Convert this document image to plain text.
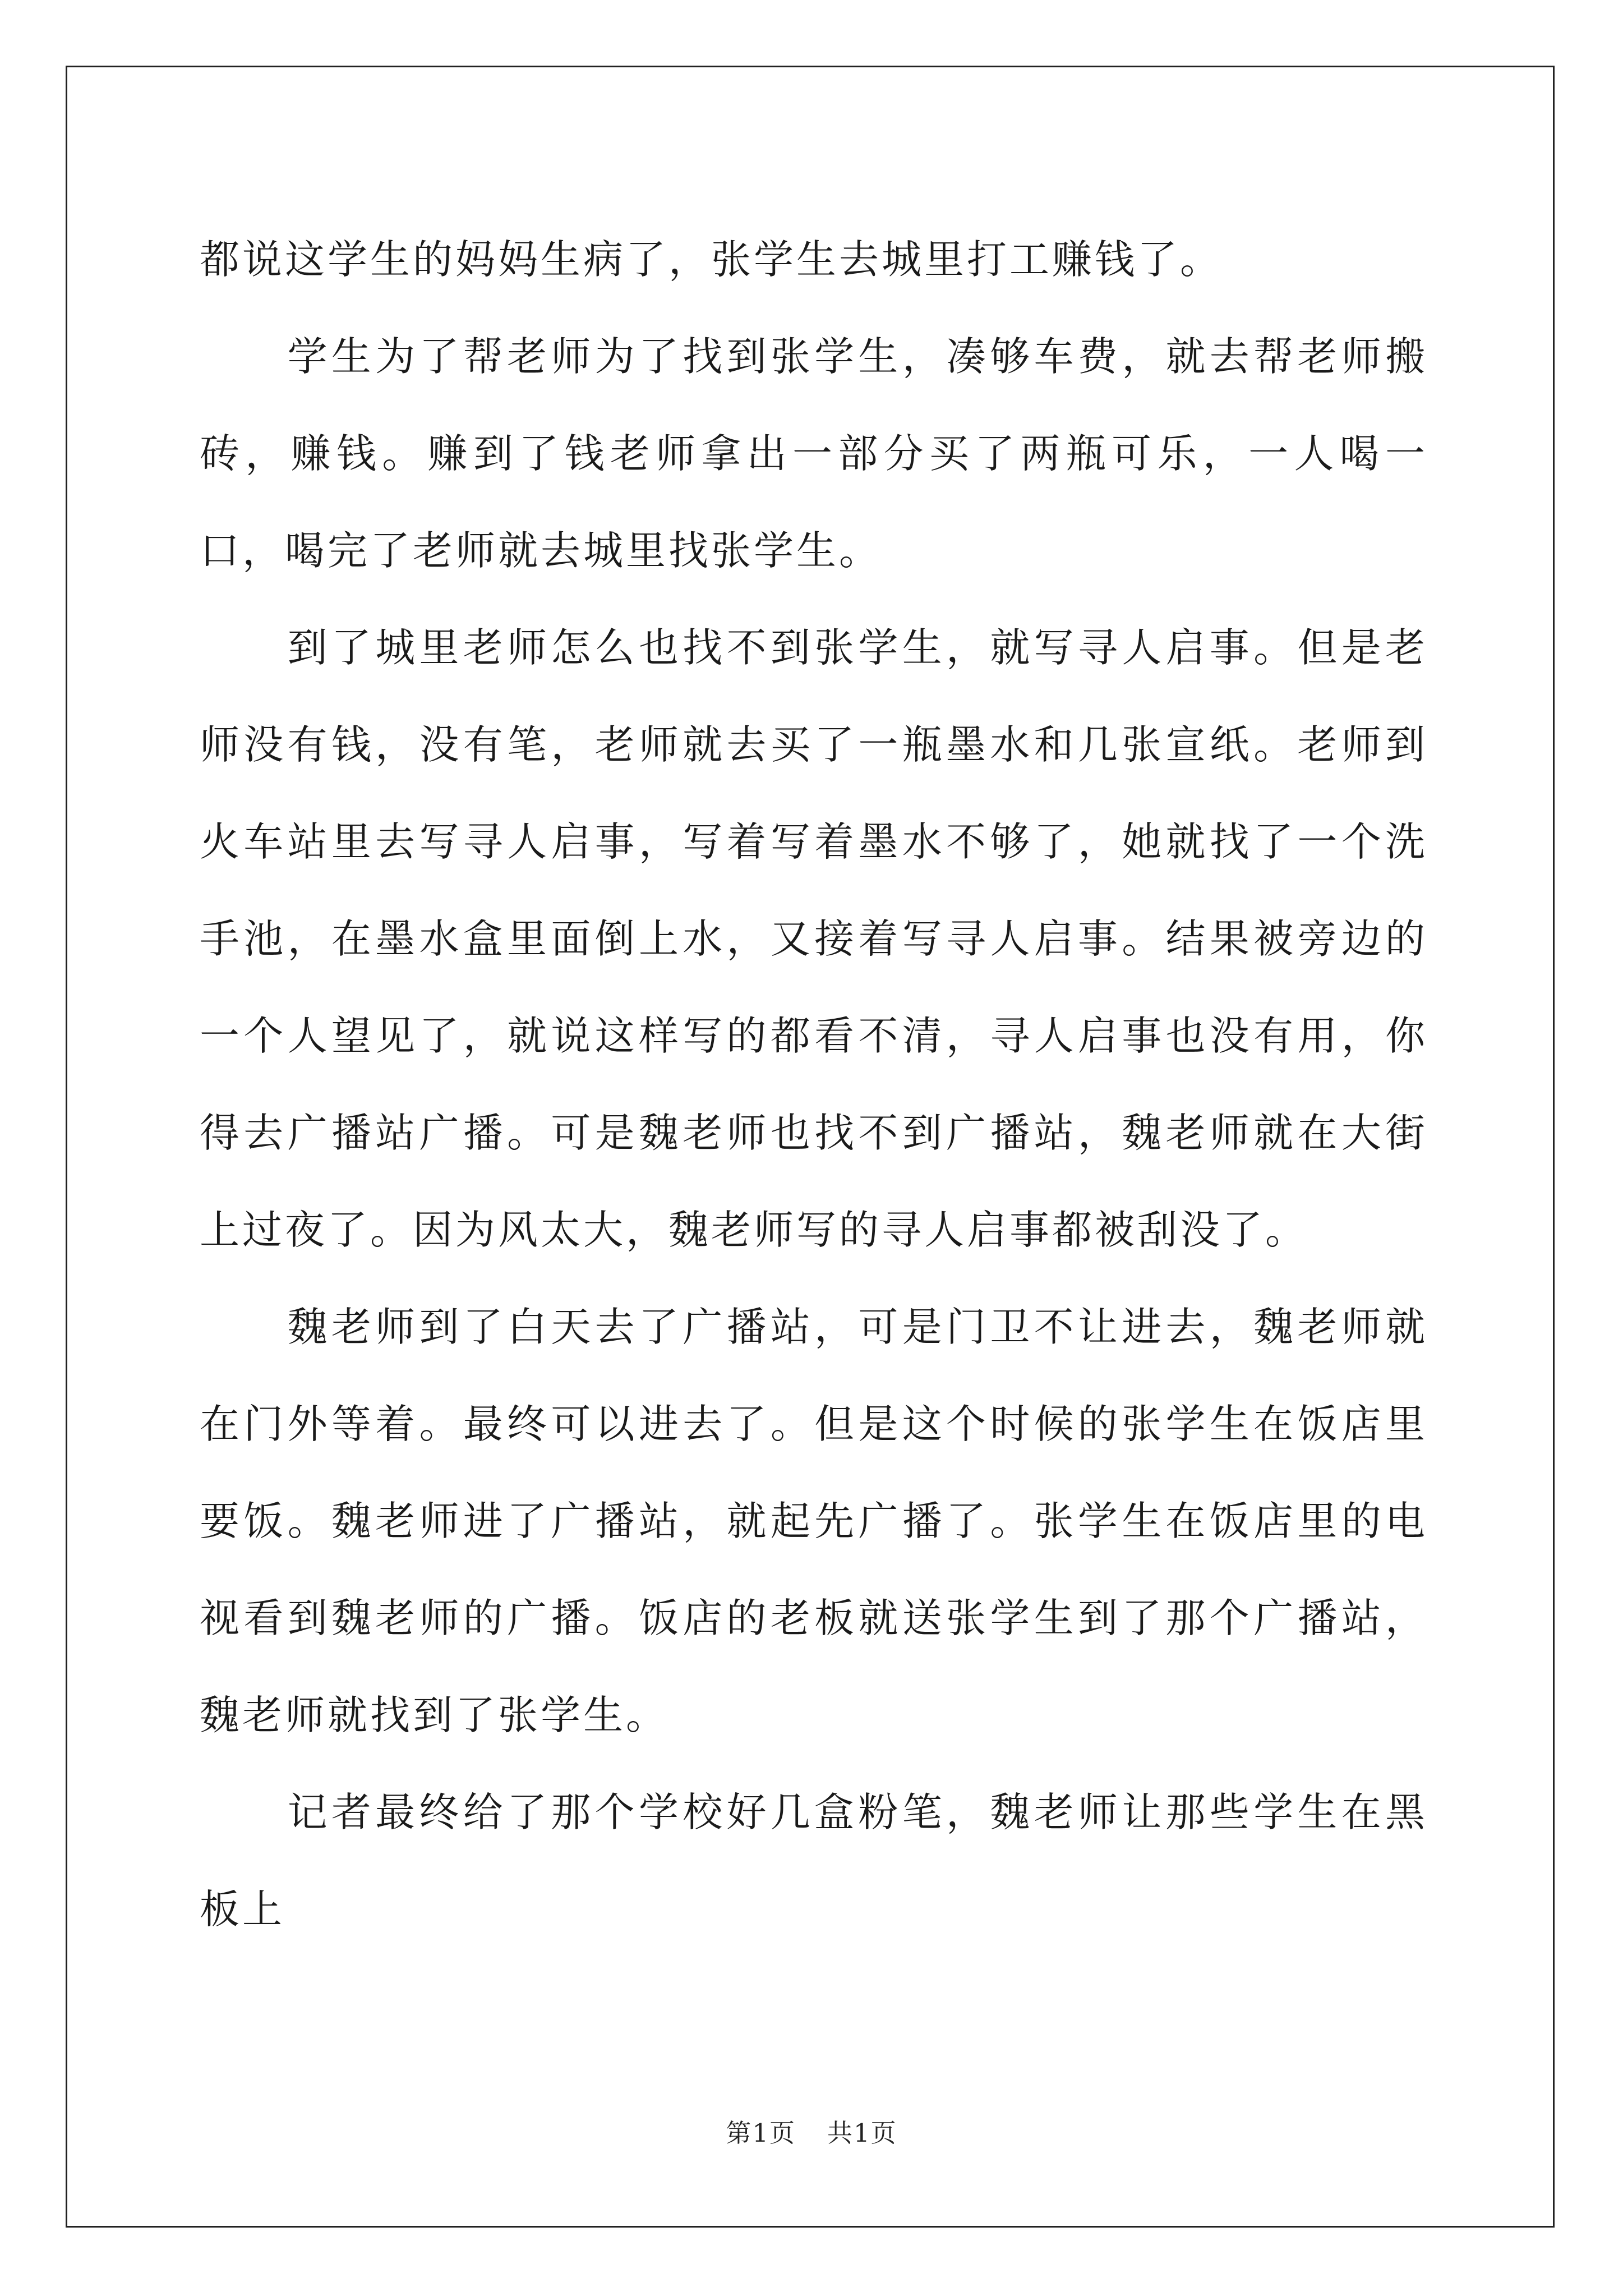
都说这学生的妈妈生病了，张学生去城里打工赚钱了。

　　学生为了帮老师为了找到张学生，凑够车费，就去帮老师搬砖，赚钱。赚到了钱老师拿出一部分买了两瓶可乐，一人喝一口，喝完了老师就去城里找张学生。

　　到了城里老师怎么也找不到张学生，就写寻人启事。但是老师没有钱，没有笔，老师就去买了一瓶墨水和几张宣纸。老师到火车站里去写寻人启事，写着写着墨水不够了，她就找了一个洗手池，在墨水盒里面倒上水，又接着写寻人启事。结果被旁边的一个人望见了，就说这样写的都看不清，寻人启事也没有用，你得去广播站广播。可是魏老师也找不到广播站，魏老师就在大街上过夜了。因为风太大，魏老师写的寻人启事都被刮没了。

　　魏老师到了白天去了广播站，可是门卫不让进去，魏老师就在门外等着。最终可以进去了。但是这个时候的张学生在饭店里要饭。魏老师进了广播站，就起先广播了。张学生在饭店里的电视看到魏老师的广播。饭店的老板就送张学生到了那个广播站，魏老师就找到了张学生。

　　记者最终给了那个学校好几盒粉笔，魏老师让那些学生在黑板上

第1页 共1页
